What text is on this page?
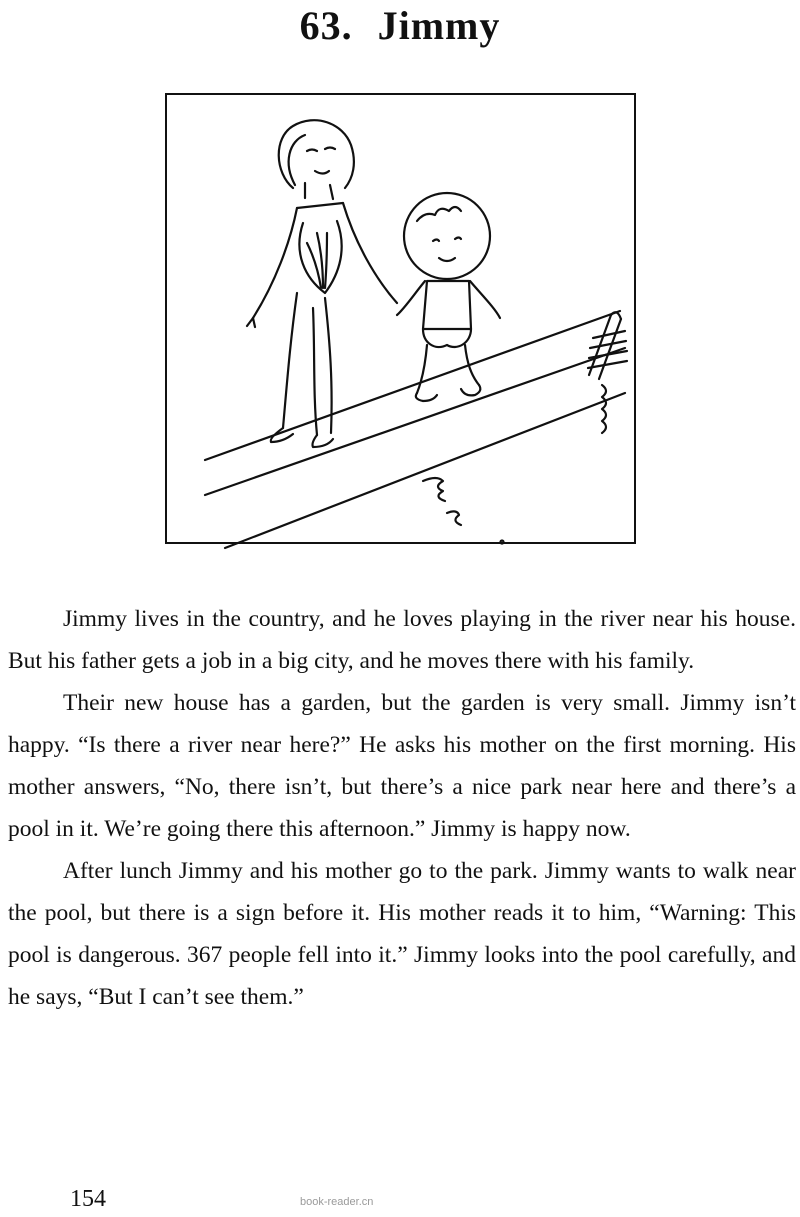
63. Jimmy

Jimmy lives in the country, and he loves playing in the river near his house. But his father gets a job in a big city, and he moves there with his family.

Their new house has a garden, but the garden is very small. Jimmy isn’t happy. “Is there a river near here?” He asks his mother on the first morning. His mother answers, “No, there isn’t, but there’s a nice park near here and there’s a pool in it. We’re going there this afternoon.” Jimmy is happy now.

After lunch Jimmy and his mother go to the park. Jimmy wants to walk near the pool, but there is a sign before it. His mother reads it to him, “Warning: This pool is dangerous. 367 people fell into it.” Jimmy looks into the pool carefully, and he says, “But I can’t see them.”

154	book-reader.cn
